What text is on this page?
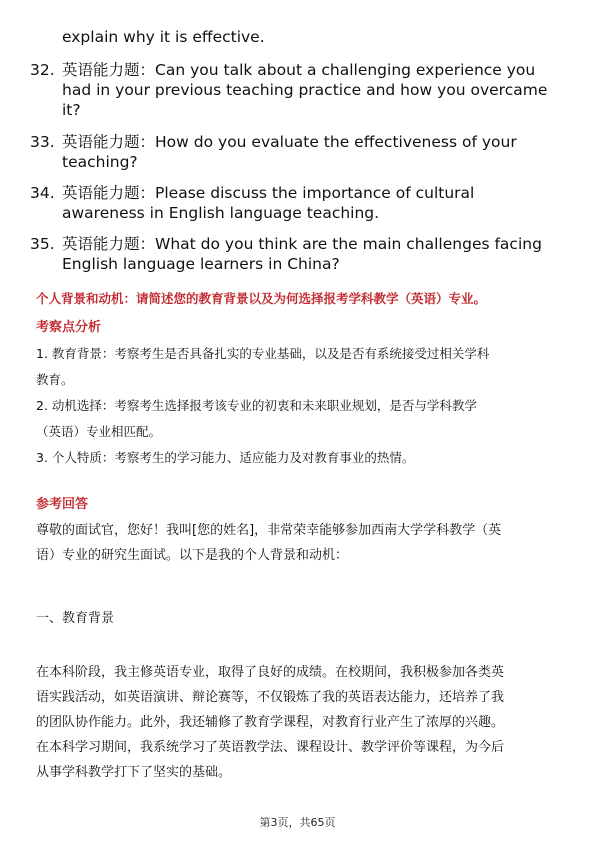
explain why it is effective.
32. 英语能力题：Can you talk about a challenging experience you
had in your previous teaching practice and how you overcame
it?
33. 英语能力题：How do you evaluate the effectiveness of your
teaching?
34. 英语能力题：Please discuss the importance of cultural
awareness in English language teaching.
35. 英语能力题：What do you think are the main challenges facing
English language learners in China?
个人背景和动机：请简述您的教育背景以及为何选择报考学科教学（英语）专业。
考察点分析
1. 教育背景：考察考生是否具备扎实的专业基础，以及是否有系统接受过相关学科
教育。
2. 动机选择：考察考生选择报考该专业的初衷和未来职业规划，是否与学科教学
（英语）专业相匹配。
3. 个人特质：考察考生的学习能力、适应能力及对教育事业的热情。
参考回答
尊敬的面试官，您好！我叫[您的姓名]，非常荣幸能够参加西南大学学科教学（英
语）专业的研究生面试。以下是我的个人背景和动机：
一、教育背景
在本科阶段，我主修英语专业，取得了良好的成绩。在校期间，我积极参加各类英
语实践活动，如英语演讲、辩论赛等，不仅锻炼了我的英语表达能力，还培养了我
的团队协作能力。此外，我还辅修了教育学课程，对教育行业产生了浓厚的兴趣。
在本科学习期间，我系统学习了英语教学法、课程设计、教学评价等课程，为今后
从事学科教学打下了坚实的基础。
第3页，共65页
